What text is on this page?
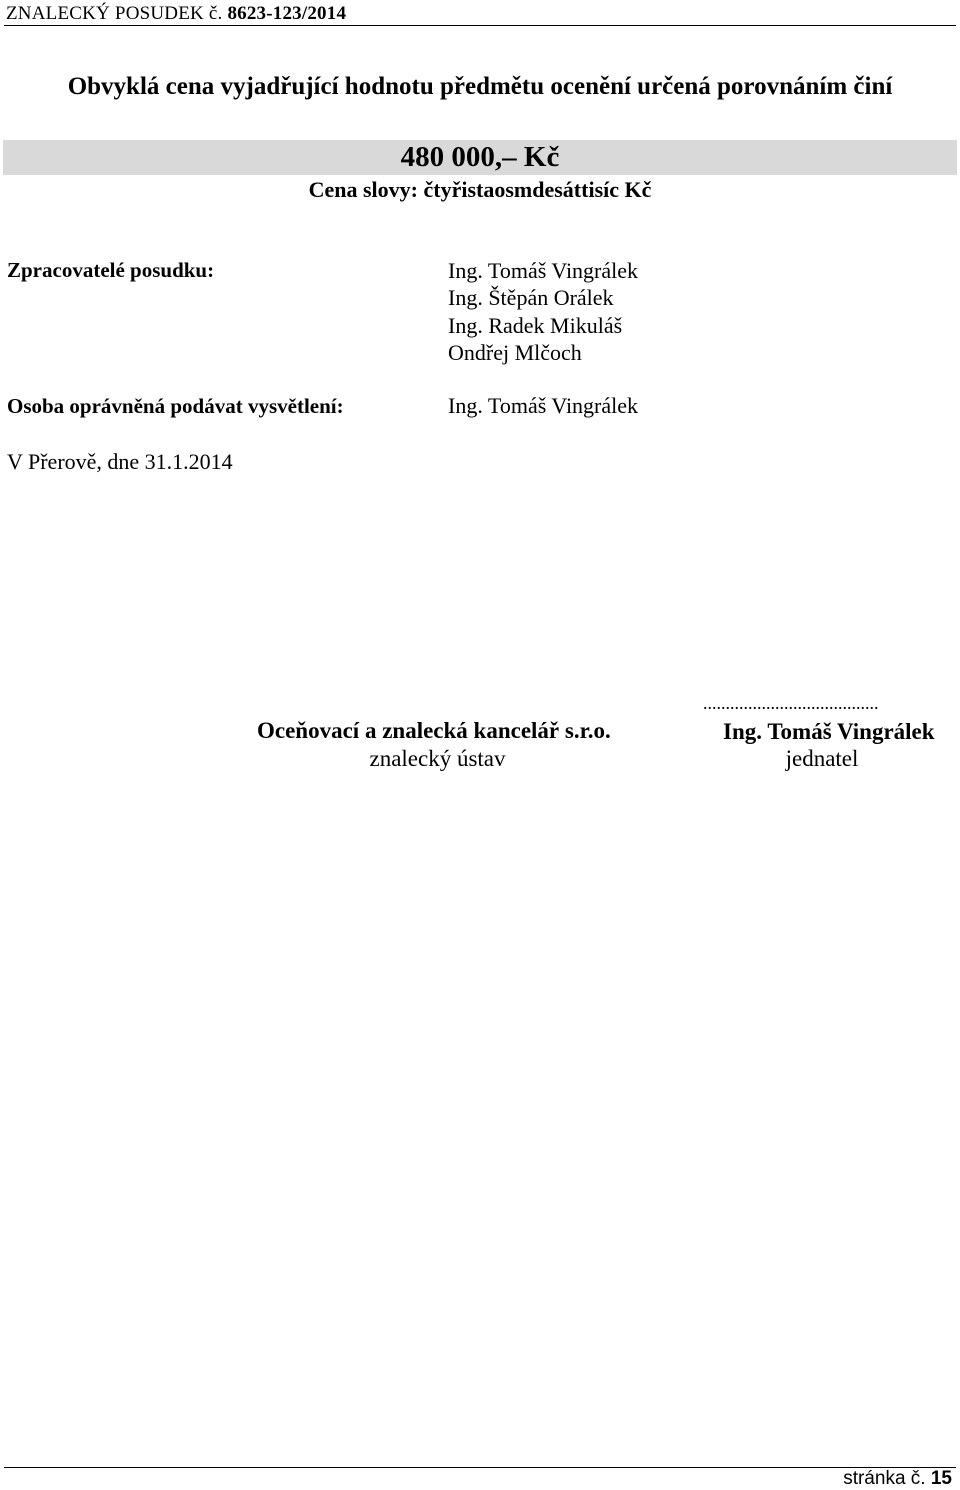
ZNALECKÝ POSUDEK č. 8623-123/2014
Obvyklá cena vyjadřující hodnotu předmětu ocenění určená porovnáním činí
480 000,– Kč
Cena slovy: čtyřistaosmdesáttisíc Kč
Zpracovatelé posudku:	Ing. Tomáš Vingrálek
Ing. Štěpán Orálek
Ing. Radek Mikuláš
Ondřej Mlčoch
Osoba oprávněná podávat vysvětlení:	Ing. Tomáš Vingrálek
V Přerově, dne 31.1.2014
Oceňovací a znalecká kancelář s.r.o.
znalecký ústav
.......................................
Ing. Tomáš Vingrálek
jednatel
stránka č. 15
